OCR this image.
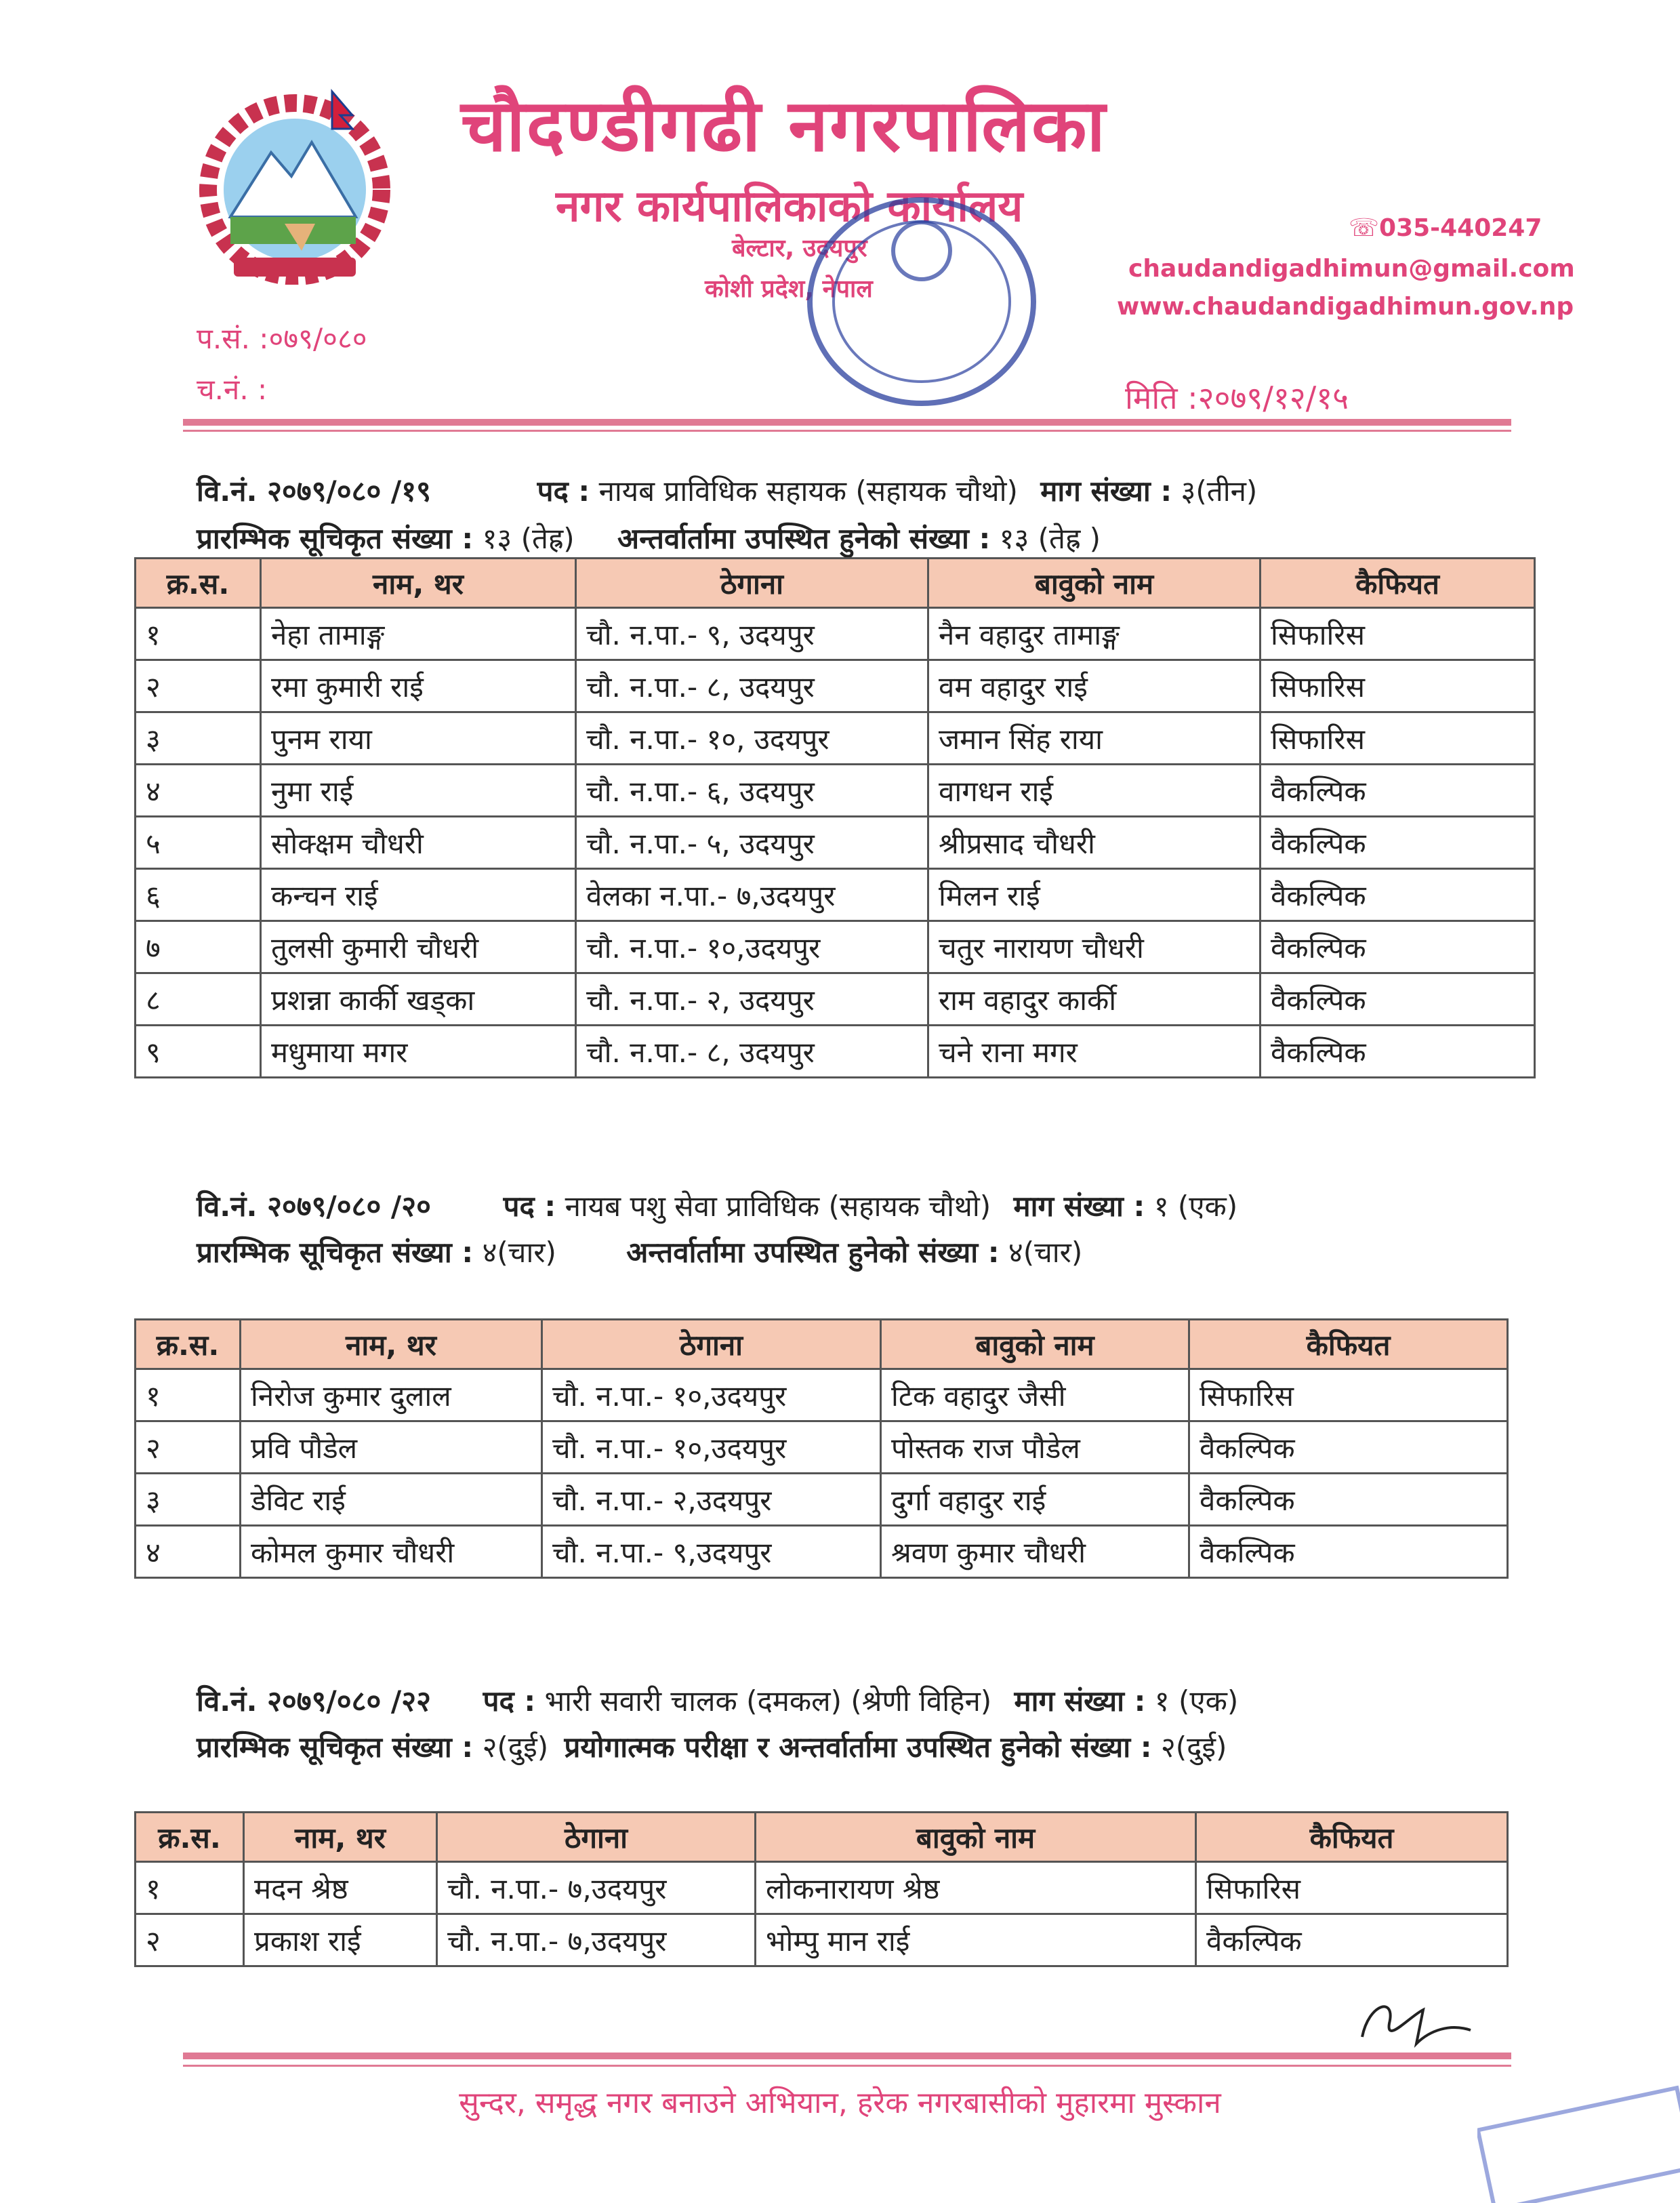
चौदण्डीगढी नगरपालिका
नगर कार्यपालिकाको कार्यालय
बेल्टार, उदयपुर
कोशी प्रदेश, नेपाल
☏035-440247
chaudandigadhimun@gmail.com
www.chaudandigadhimun.gov.np
प.सं. :०७९/०८०
च.नं. :	मिति :२०७९/१२/१५
वि.नं. २०७९/०८० /१९	पद : नायब प्राविधिक सहायक (सहायक चौथो) माग संख्या : ३(तीन)
प्रारम्भिक सूचिकृत संख्या : १३ (तेह्र) अन्तर्वार्तामा उपस्थित हुनेको संख्या : १३ (तेह्र )
क्र.स.	नाम, थर	ठेगाना	बावुको नाम	कैफियत
१	नेहा तामाङ्ग	चौ. न.पा.- ९, उदयपुर	नैन वहादुर तामाङ्ग	सिफारिस
२	रमा कुमारी राई	चौ. न.पा.- ८, उदयपुर	वम वहादुर राई	सिफारिस
३	पुनम राया	चौ. न.पा.- १०, उदयपुर	जमान सिंह राया	सिफारिस
४	नुमा राई	चौ. न.पा.- ६, उदयपुर	वागधन राई	वैकल्पिक
५	सोक्क्षम चौधरी	चौ. न.पा.- ५, उदयपुर	श्रीप्रसाद चौधरी	वैकल्पिक
६	कन्चन राई	वेलका न.पा.- ७,उदयपुर	मिलन राई	वैकल्पिक
७	तुलसी कुमारी चौधरी	चौ. न.पा.- १०,उदयपुर	चतुर नारायण चौधरी	वैकल्पिक
८	प्रशन्ना कार्की खड्का	चौ. न.पा.- २, उदयपुर	राम वहादुर कार्की	वैकल्पिक
९	मधुमाया मगर	चौ. न.पा.- ८, उदयपुर	चने राना मगर	वैकल्पिक
वि.नं. २०७९/०८० /२०	पद : नायब पशु सेवा प्राविधिक (सहायक चौथो) माग संख्या : १ (एक)
प्रारम्भिक सूचिकृत संख्या : ४(चार) अन्तर्वार्तामा उपस्थित हुनेको संख्या : ४(चार)
क्र.स.	नाम, थर	ठेगाना	बावुको नाम	कैफियत
१	निरोज कुमार दुलाल	चौ. न.पा.- १०,उदयपुर	टिक वहादुर जैसी	सिफारिस
२	प्रवि पौडेल	चौ. न.पा.- १०,उदयपुर	पोस्तक राज पौडेल	वैकल्पिक
३	डेविट राई	चौ. न.पा.- २,उदयपुर	दुर्गा वहादुर राई	वैकल्पिक
४	कोमल कुमार चौधरी	चौ. न.पा.- ९,उदयपुर	श्रवण कुमार चौधरी	वैकल्पिक
वि.नं. २०७९/०८० /२२ पद : भारी सवारी चालक (दमकल) (श्रेणी विहिन) माग संख्या : १ (एक)
प्रारम्भिक सूचिकृत संख्या : २(दुई) प्रयोगात्मक परीक्षा र अन्तर्वार्तामा उपस्थित हुनेको संख्या : २(दुई)
क्र.स.	नाम, थर	ठेगाना	बावुको नाम	कैफियत
१	मदन श्रेष्ठ	चौ. न.पा.- ७,उदयपुर	लोकनारायण श्रेष्ठ	सिफारिस
२	प्रकाश राई	चौ. न.पा.- ७,उदयपुर	भोम्पु मान राई	वैकल्पिक
सुन्दर, समृद्ध नगर बनाउने अभियान, हरेक नगरबासीको मुहारमा मुस्कान
